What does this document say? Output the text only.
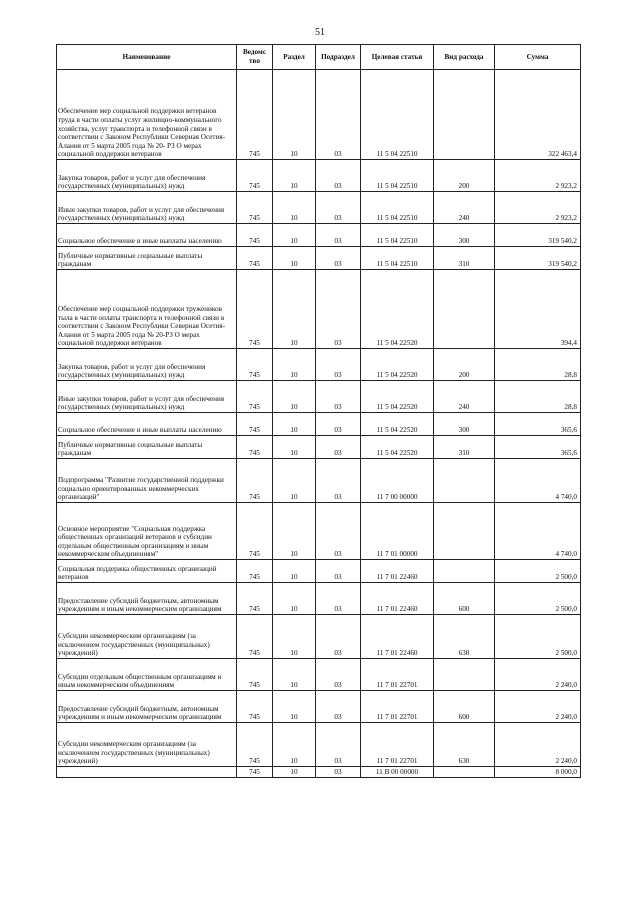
51
Наименование	Ведомс тво	Раздел	Подраздел	Целевая статья	Вид расхода	Сумма
Обеспечение мер социальной поддержки ветеранов труда в части оплаты услуг жилищно-коммунального хозяйства, услуг транспорта и телефонной связи в соответствии с Законом Республики Северная Осетия-Алания от 5 марта 2005 года № 20- РЗ О мерах социальной поддержки ветеранов	745	10	03	11 5 04 22510		322 463,4
Закупка товаров, работ и услуг для обеспечения государственных (муниципальных) нужд	745	10	03	11 5 04 22510	200	2 923,2
Иные закупки товаров, работ и услуг для обеспечения государственных (муниципальных) нужд	745	10	03	11 5 04 22510	240	2 923,2
Социальное обеспечение и иные выплаты населению	745	10	03	11 5 04 22510	300	319 540,2
Публичные нормативные социальные выплаты гражданам	745	10	03	11 5 04 22510	310	319 540,2
Обеспечение мер социальной поддержки тружеников тыла в части оплаты транспорта и телефонной связи в соответствии с Законом Республики Северная Осетия-Алания от 5 марта 2005 года № 20-РЗ О мерах социальной поддержки ветеранов	745	10	03	11 5 04 22520		394,4
Закупка товаров, работ и услуг для обеспечения государственных (муниципальных) нужд	745	10	03	11 5 04 22520	200	28,8
Иные закупки товаров, работ и услуг для обеспечения государственных (муниципальных) нужд	745	10	03	11 5 04 22520	240	28,8
Социальное обеспечение и иные выплаты населению	745	10	03	11 5 04 22520	300	365,6
Публичные нормативные социальные выплаты гражданам	745	10	03	11 5 04 22520	310	365,6
Подпрограмма "Развитие государственной поддержки социально ориентированных некоммерческих организаций"	745	10	03	11 7 00 00000		4 740,0
Основное мероприятие "Социальная поддержка общественных организаций ветеранов и субсидии отдельным общественным организациям и иным некоммерческим объединениям"	745	10	03	11 7 01 00000		4 740,0
Социальная поддержка общественных организаций ветеранов	745	10	03	11 7 01 22460		2 500,0
Предоставление субсидий бюджетным, автономным учреждениям и иным некоммерческим организациям	745	10	03	11 7 01 22460	600	2 500,0
Субсидии некоммерческим организациям (за исключением государственных (муниципальных) учреждений)	745	10	03	11 7 01 22460	630	2 500,0
Субсидии отдельным общественным организациям и иным некоммерческим объединениям	745	10	03	11 7 01 22701		2 240,0
Предоставление субсидий бюджетным, автономным учреждениям и иным некоммерческим организациям	745	10	03	11 7 01 22701	600	2 240,0
Субсидии некоммерческим организациям (за исключением государственных (муниципальных) учреждений)	745	10	03	11 7 01 22701	630	2 240,0
	745	10	03	11 В 00 00000		8 000,0
